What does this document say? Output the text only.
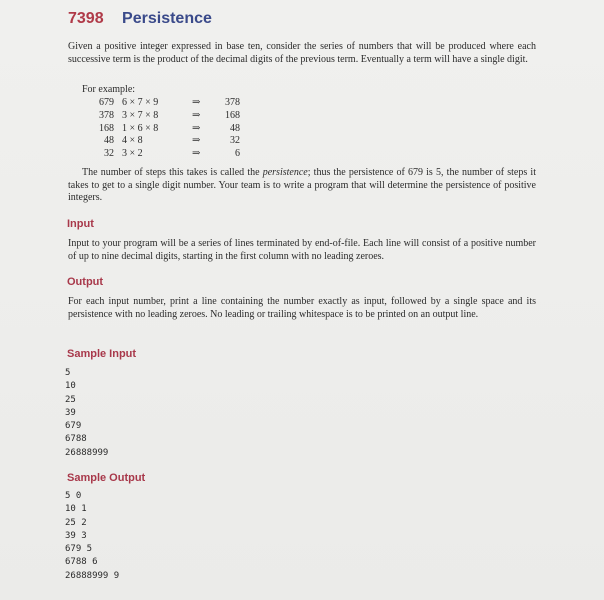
7398 Persistence

Given a positive integer expressed in base ten, consider the series of numbers that will be produced where each successive term is the product of the decimal digits of the previous term. Eventually a term will have a single digit.

For example:

679	6 × 7 × 9	⇒	378
378	3 × 7 × 8	⇒	168
168	1 × 6 × 8	⇒	48
48	4 × 8	⇒	32
32	3 × 2	⇒	6

The number of steps this takes is called the persistence; thus the persistence of 679 is 5, the number of steps it takes to get to a single digit number. Your team is to write a program that will determine the persistence of positive integers.

Input

Input to your program will be a series of lines terminated by end-of-file. Each line will consist of a positive number of up to nine decimal digits, starting in the first column with no leading zeroes.

Output

For each input number, print a line containing the number exactly as input, followed by a single space and its persistence with no leading zeroes. No leading or trailing whitespace is to be printed on an output line.

Sample Input
5
10
25
39
679
6788
26888999
Sample Output
5 0
10 1
25 2
39 3
679 5
6788 6
26888999 9
